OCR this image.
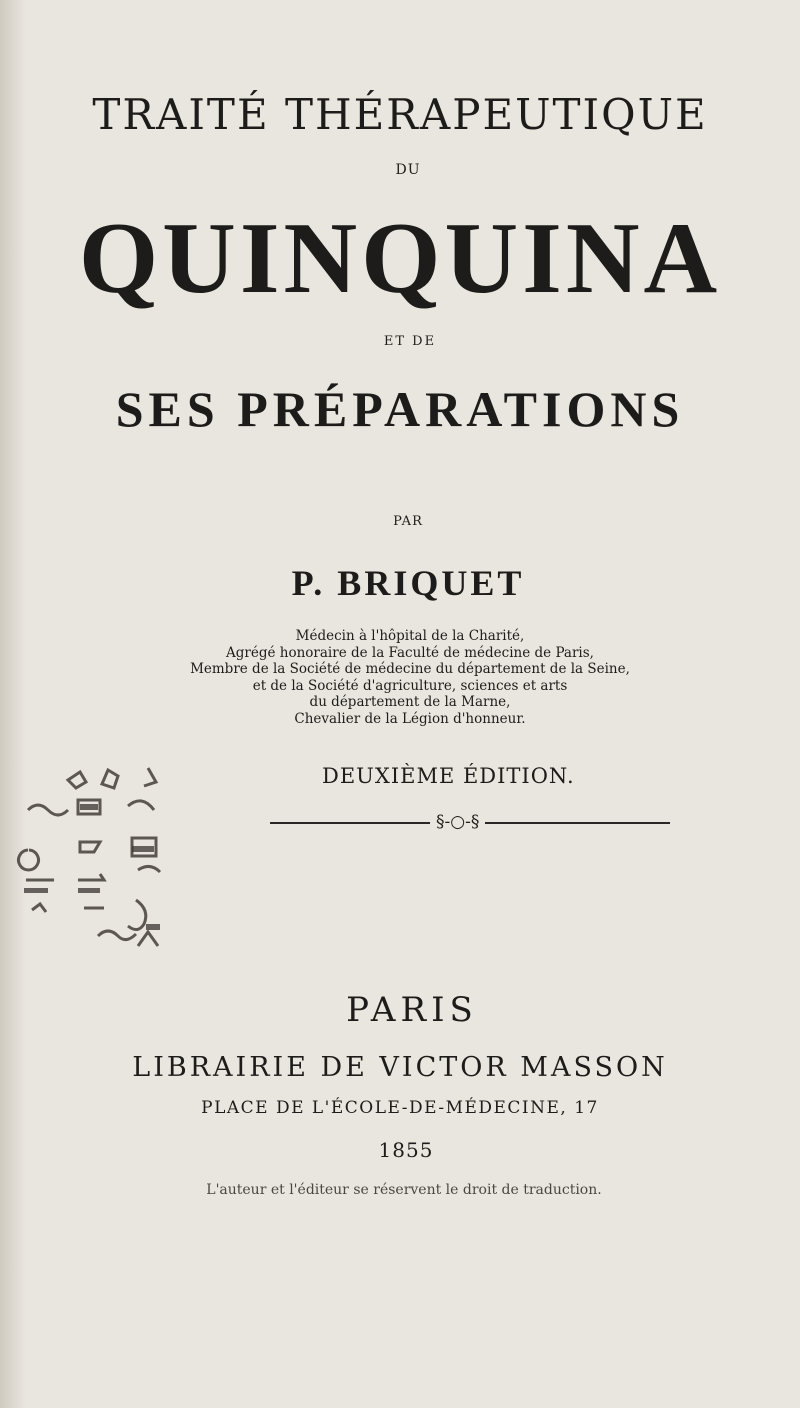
TRAITÉ THÉRAPEUTIQUE
DU
QUINQUINA
ET DE
SES PRÉPARATIONS
PAR
P. BRIQUET
Médecin à l'hôpital de la Charité,
Agrégé honoraire de la Faculté de médecine de Paris,
Membre de la Société de médecine du département de la Seine,
et de la Société d'agriculture, sciences et arts
du département de la Marne,
Chevalier de la Légion d'honneur.
DEUXIÈME ÉDITION.
§-○-§
PARIS
LIBRAIRIE DE VICTOR MASSON
PLACE DE L'ÉCOLE-DE-MÉDECINE, 17
1855
L'auteur et l'éditeur se réservent le droit de traduction.
